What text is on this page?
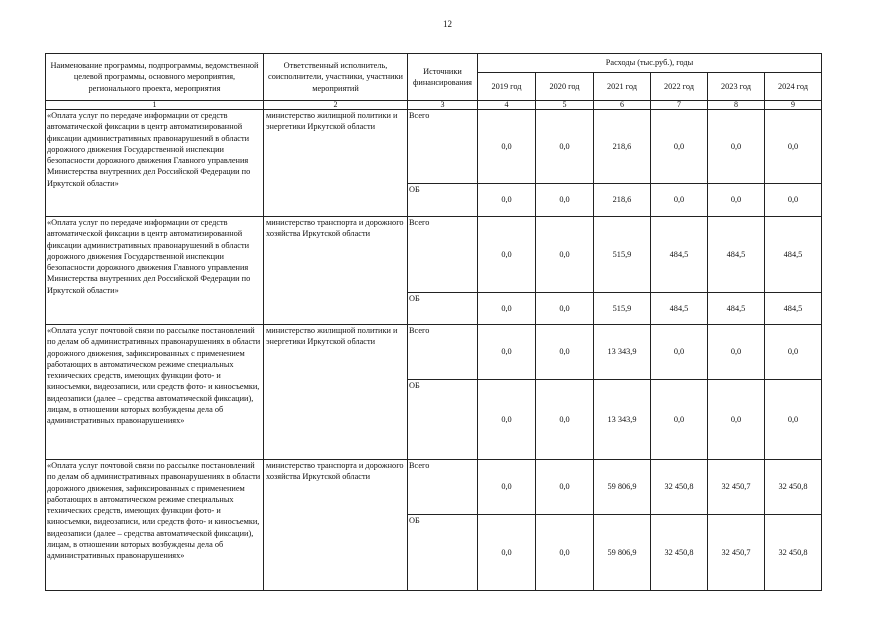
12
Наименование программы, подпрограммы, ведомственной целевой программы, основного мероприятия, регионального проекта, мероприятия	Ответственный исполнитель, соисполнители, участники, участники мероприятий	Источники финансирования	Расходы (тыс.руб.), годы					
			2019 год	2020 год	2021 год	2022 год	2023 год	2024 год
1	2	3	4	5	6	7	8	9
«Оплата услуг по передаче информации от средств автоматической фиксации в центр автоматизированной фиксации административных правонарушений в области дорожного движения Государственной инспекции безопасности дорожного движения Главного управления Министерства внутренних дел Российской Федерации по Иркутской области»	министерство жилищной политики и энергетики Иркутской области	Всего	0,0	0,0	218,6	0,0	0,0	0,0
		ОБ	0,0	0,0	218,6	0,0	0,0	0,0
«Оплата услуг по передаче информации от средств автоматической фиксации в центр автоматизированной фиксации административных правонарушений в области дорожного движения Государственной инспекции безопасности дорожного движения Главного управления Министерства внутренних дел Российской Федерации по Иркутской области»	министерство транспорта и дорожного хозяйства Иркутской области	Всего	0,0	0,0	515,9	484,5	484,5	484,5
		ОБ	0,0	0,0	515,9	484,5	484,5	484,5
«Оплата услуг почтовой связи по рассылке постановлений по делам об административных правонарушениях в области дорожного движения, зафиксированных с применением работающих в автоматическом режиме специальных технических средств, имеющих функции фото- и киносъемки, видеозаписи, или средств фото- и киносъемки, видеозаписи (далее – средства автоматической фиксации), лицам, в отношении которых возбуждены дела об административных правонарушениях»	министерство жилищной политики и энергетики Иркутской области	Всего	0,0	0,0	13 343,9	0,0	0,0	0,0
		ОБ	0,0	0,0	13 343,9	0,0	0,0	0,0
«Оплата услуг почтовой связи по рассылке постановлений по делам об административных правонарушениях в области дорожного движения, зафиксированных с применением работающих в автоматическом режиме специальных технических средств, имеющих функции фото- и киносъемки, видеозаписи, или средств фото- и киносъемки, видеозаписи (далее – средства автоматической фиксации), лицам, в отношении которых возбуждены дела об административных правонарушениях»	министерство транспорта и дорожного хозяйства Иркутской области	Всего	0,0	0,0	59 806,9	32 450,8	32 450,7	32 450,8
		ОБ	0,0	0,0	59 806,9	32 450,8	32 450,7	32 450,8
